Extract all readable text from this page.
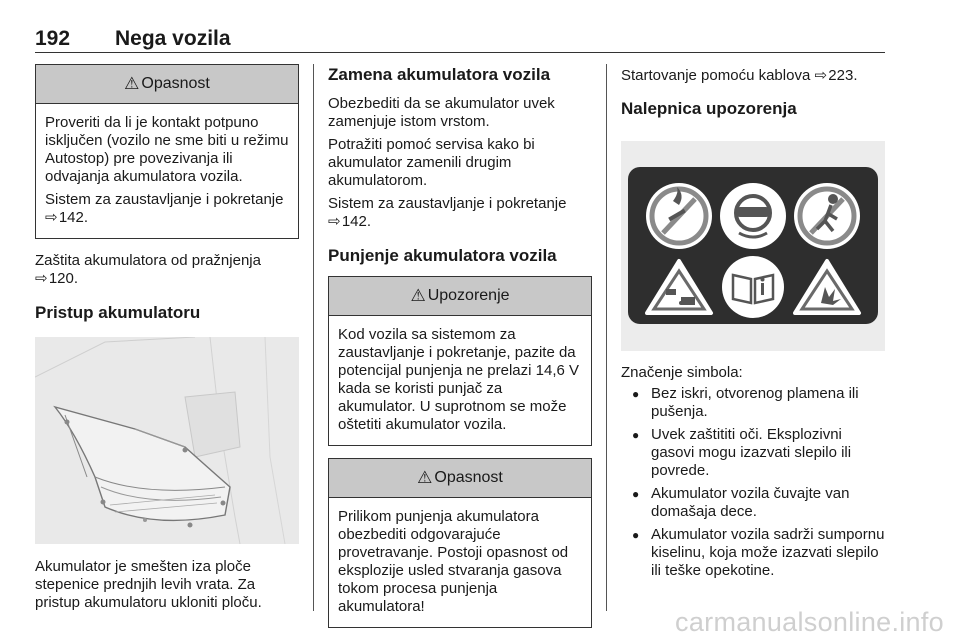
192 Nega vozila
⚠ Opasnost

Proveriti da li je kontakt potpuno isključen (vozilo ne sme biti u režimu Autostop) pre povezivanja ili odvajanja akumulatora vozila.

Sistem za zaustavljanje i pokretanje ⇨ 142.

Zaštita akumulatora od pražnjenja
⇨ 120.

Pristup akumulatoru

Akumulator je smešten iza ploče stepenice prednjih levih vrata. Za pristup akumulatoru ukloniti ploču.

Zamena akumulatora vozila

Obezbediti da se akumulator uvek zamenjuje istom vrstom.

Potražiti pomoć servisa kako bi akumulator zamenili drugim akumulatorom.

Sistem za zaustavljanje i pokretanje
⇨ 142.

Punjenje akumulatora vozila
⚠ Upozorenje

Kod vozila sa sistemom za zaustavljanje i pokretanje, pazite da potencijal punjenja ne prelazi 14,6 V kada se koristi punjač za akumulator. U suprotnom se može oštetiti akumulator vozila.

⚠ Opasnost

Prilikom punjenja akumulatora obezbediti odgovarajuće provetravanje. Postoji opasnost od eksplozije usled stvaranja gasova tokom procesa punjenja akumulatora!

Startovanje pomoću kablova ⇨ 223.

Nalepnica upozorenja

Značenje simbola:

● Bez iskri, otvorenog plamena ili pušenja.
● Uvek zaštititi oči. Eksplozivni gasovi mogu izazvati slepilo ili povrede.
● Akumulator vozila čuvajte van domašaja dece.
● Akumulator vozila sadrži sumpornu kiselinu, koja može izazvati slepilo ili teške opekotine.
carmanualsonline.info
